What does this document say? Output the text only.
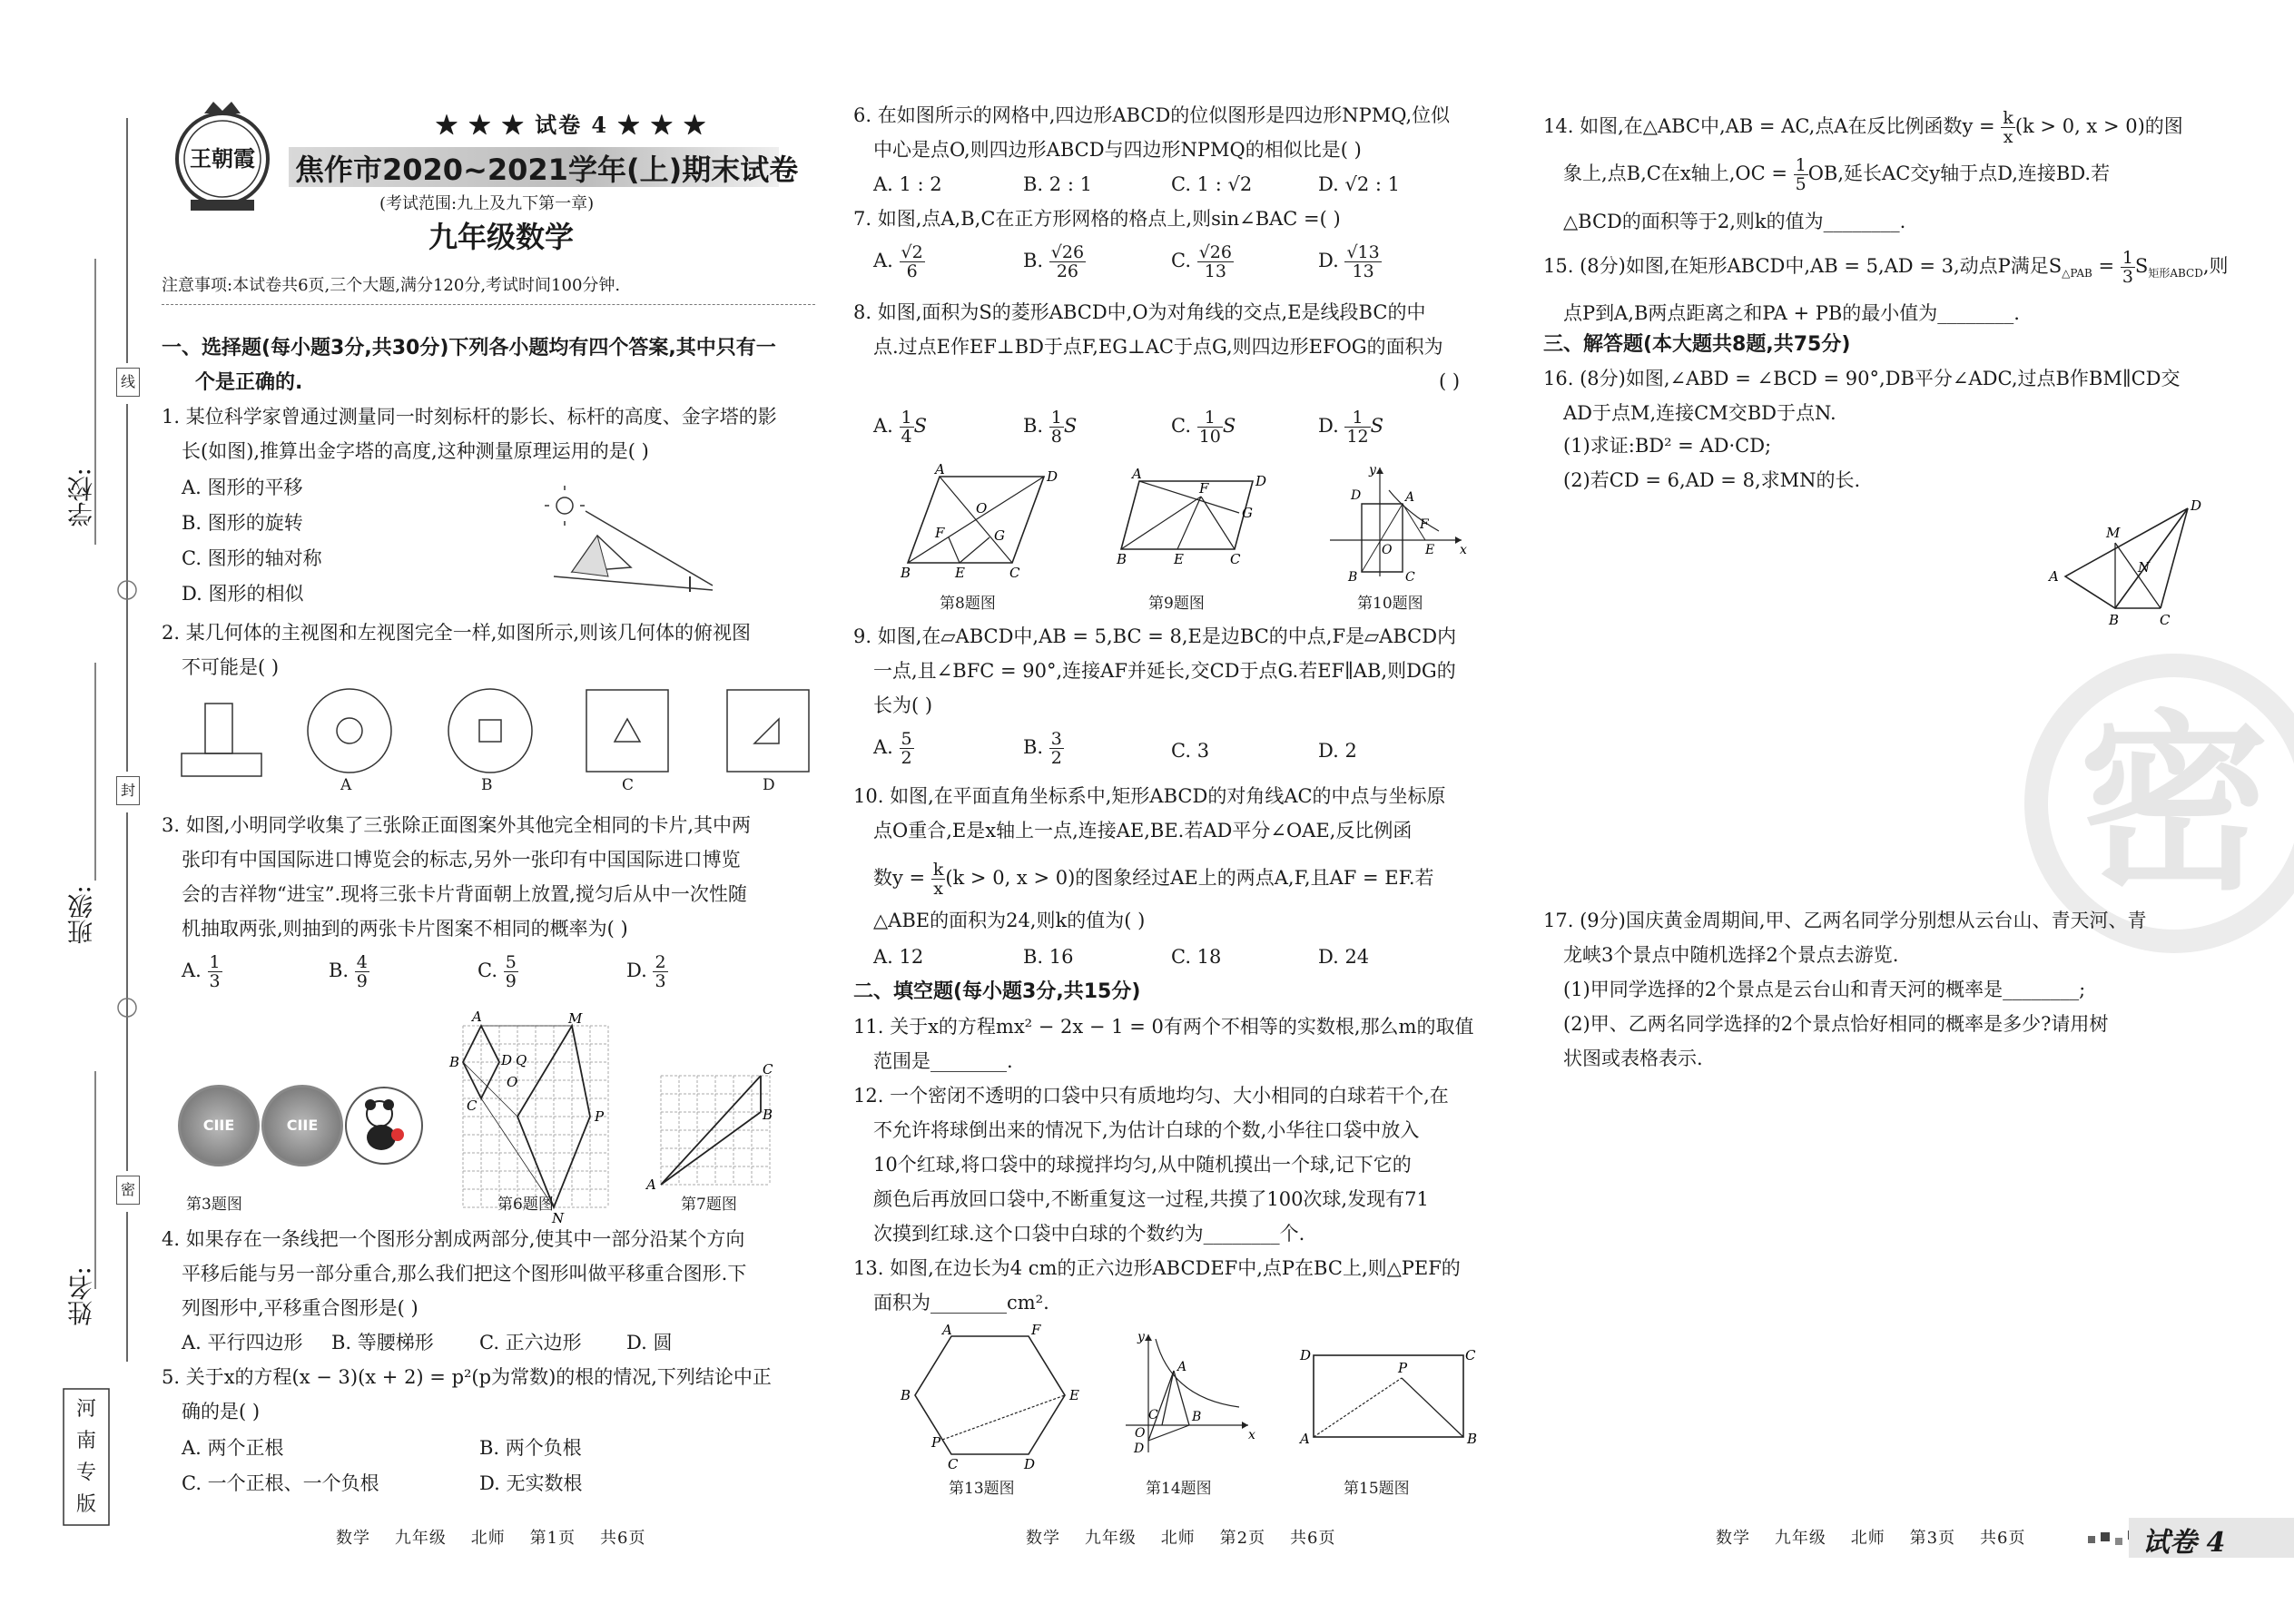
学校:
班级:
姓名:
线
封
密
河 南 专 版
王朝霞
★ ★ ★ 试卷 4 ★ ★ ★
焦作市2020~2021学年(上)期末试卷
(考试范围:九上及九下第一章)
九年级数学
注意事项:本试卷共6页,三个大题,满分120分,考试时间100分钟.
一、选择题(每小题3分,共30分)下列各小题均有四个答案,其中只有一
个是正确的.
1. 某位科学家曾通过测量同一时刻标杆的影长、标杆的高度、金字塔的影
长(如图),推算出金字塔的高度,这种测量原理运用的是( )
A. 图形的平移
B. 图形的旋转
C. 图形的轴对称
D. 图形的相似
2. 某几何体的主视图和左视图完全一样,如图所示,则该几何体的俯视图
不可能是( )
A	B	C	D
3. 如图,小明同学收集了三张除正面图案外其他完全相同的卡片,其中两
张印有中国国际进口博览会的标志,另外一张印有中国国际进口博览
会的吉祥物“进宝”.现将三张卡片背面朝上放置,搅匀后从中一次性随
机抽取两张,则抽到的两张卡片图案不相同的概率为( )
A. $\frac{1}{3}$	B. $\frac{4}{9}$	C. $\frac{5}{9}$	D. $\frac{2}{3}$
CIIE	CIIE
A
B
C
D
O
Q
M
N
P
A
C
B
第3题图	第6题图	第7题图
4. 如果存在一条线把一个图形分割成两部分,使其中一部分沿某个方向
平移后能与另一部分重合,那么我们把这个图形叫做平移重合图形.下
列图形中,平移重合图形是( )
A. 平行四边形 B. 等腰梯形 C. 正六边形 D. 圆
5. 关于x的方程(x − 3)(x + 2) = p²(p为常数)的根的情况,下列结论中正
确的是( )
A. 两个正根	B. 两个负根
C. 一个正根、一个负根	D. 无实数根
数学    九年级    北师    第1页    共6页
6. 在如图所示的网格中,四边形ABCD的位似图形是四边形NPMQ,位似
中心是点O,则四边形ABCD与四边形NPMQ的相似比是( )
A. 1 : 2	B. 2 : 1	C. 1 : √2	D. √2 : 1
7. 如图,点A,B,C在正方形网格的格点上,则sin∠BAC =( )
A. $\frac{√2}{6}$	B. $\frac{√26}{26}$	C. $\frac{√26}{13}$	D. $\frac{√13}{13}$
8. 如图,面积为S的菱形ABCD中,O为对角线的交点,E是线段BC的中
点.过点E作EF⊥BD于点F,EG⊥AC于点G,则四边形EFOG的面积为
( )
A. $\frac{1}{4}$ S	B. $\frac{1}{8}$ S	C. $\frac{1}{10}$ S	D. $\frac{1}{12}$ S
A	D
B	E	C
F	G
O
A	D
B	E	C
F
G
y
A
D
B	C
O	E
F
x
第8题图	第9题图	第10题图
9. 如图,在▱ABCD中,AB = 5,BC = 8,E是边BC的中点,F是▱ABCD内
一点,且∠BFC = 90°,连接AF并延长,交CD于点G.若EF∥AB,则DG的
长为( )
A. $\frac{5}{2}$	B. $\frac{3}{2}$	C. 3	D. 2
10. 如图,在平面直角坐标系中,矩形ABCD的对角线AC的中点与坐标原
点O重合,E是x轴上一点,连接AE,BE.若AD平分∠OAE,反比例函
数$y = \frac{k}{x} (k > 0$, x > 0)的图象经过AE上的两点A,F,且AF = EF.若
△ABE的面积为24,则k的值为( )
A. 12	B. 16	C. 18	D. 24
二、填空题(每小题3分,共15分)
11. 关于x的方程mx² − 2x − 1 = 0有两个不相等的实数根,那么m的取值
范围是________.
12. 一个密闭不透明的口袋中只有质地均匀、大小相同的白球若干个,在
不允许将球倒出来的情况下,为估计白球的个数,小华往口袋中放入
10个红球,将口袋中的球搅拌均匀,从中随机摸出一个球,记下它的
颜色后再放回口袋中,不断重复这一过程,共摸了100次球,发现有71
次摸到红球.这个口袋中白球的个数约为________个.
13. 如图,在边长为4 cm的正六边形ABCDEF中,点P在BC上,则△PEF的
面积为________cm².
A	F
B	E
P
C	D
y
A
C
O
B
x
D
D
P
C
A	B
第13题图	第14题图	第15题图
数学    九年级    北师    第2页    共6页
密
14. 如图,在△ABC中,AB = AC,点A在反比例函数$y = \frac{k}{x} (k > 0$, x > 0)的图
象上,点B,C在x轴上$,OC = \frac{1}{5}$ OB,延长AC交y轴于点D,连接BD.若
△BCD的面积等于2,则k的值为________.
15. (8分)如图,在矩形ABCD中,AB = 5,AD = 3,动点P满足$S_{\triangle PAB} = \frac{1}{3} S_{矩形ABCD}$,则
点P到A,B两点距离之和PA + PB的最小值为________.
三、解答题(本大题共8题,共75分)
16. (8分)如图,∠ABD = ∠BCD = 90°,DB平分∠ADC,过点B作BM∥CD交
AD于点M,连接CM交BD于点N.
(1)求证:BD² = AD·CD;
(2)若CD = 6,AD = 8,求MN的长.
D
M
N
A
B	C
17. (9分)国庆黄金周期间,甲、乙两名同学分别想从云台山、青天河、青
龙峡3个景点中随机选择2个景点去游览.
(1)甲同学选择的2个景点是云台山和青天河的概率是________;
(2)甲、乙两名同学选择的2个景点恰好相同的概率是多少?请用树
状图或表格表示.
数学    九年级    北师    第3页    共6页	试卷 4
